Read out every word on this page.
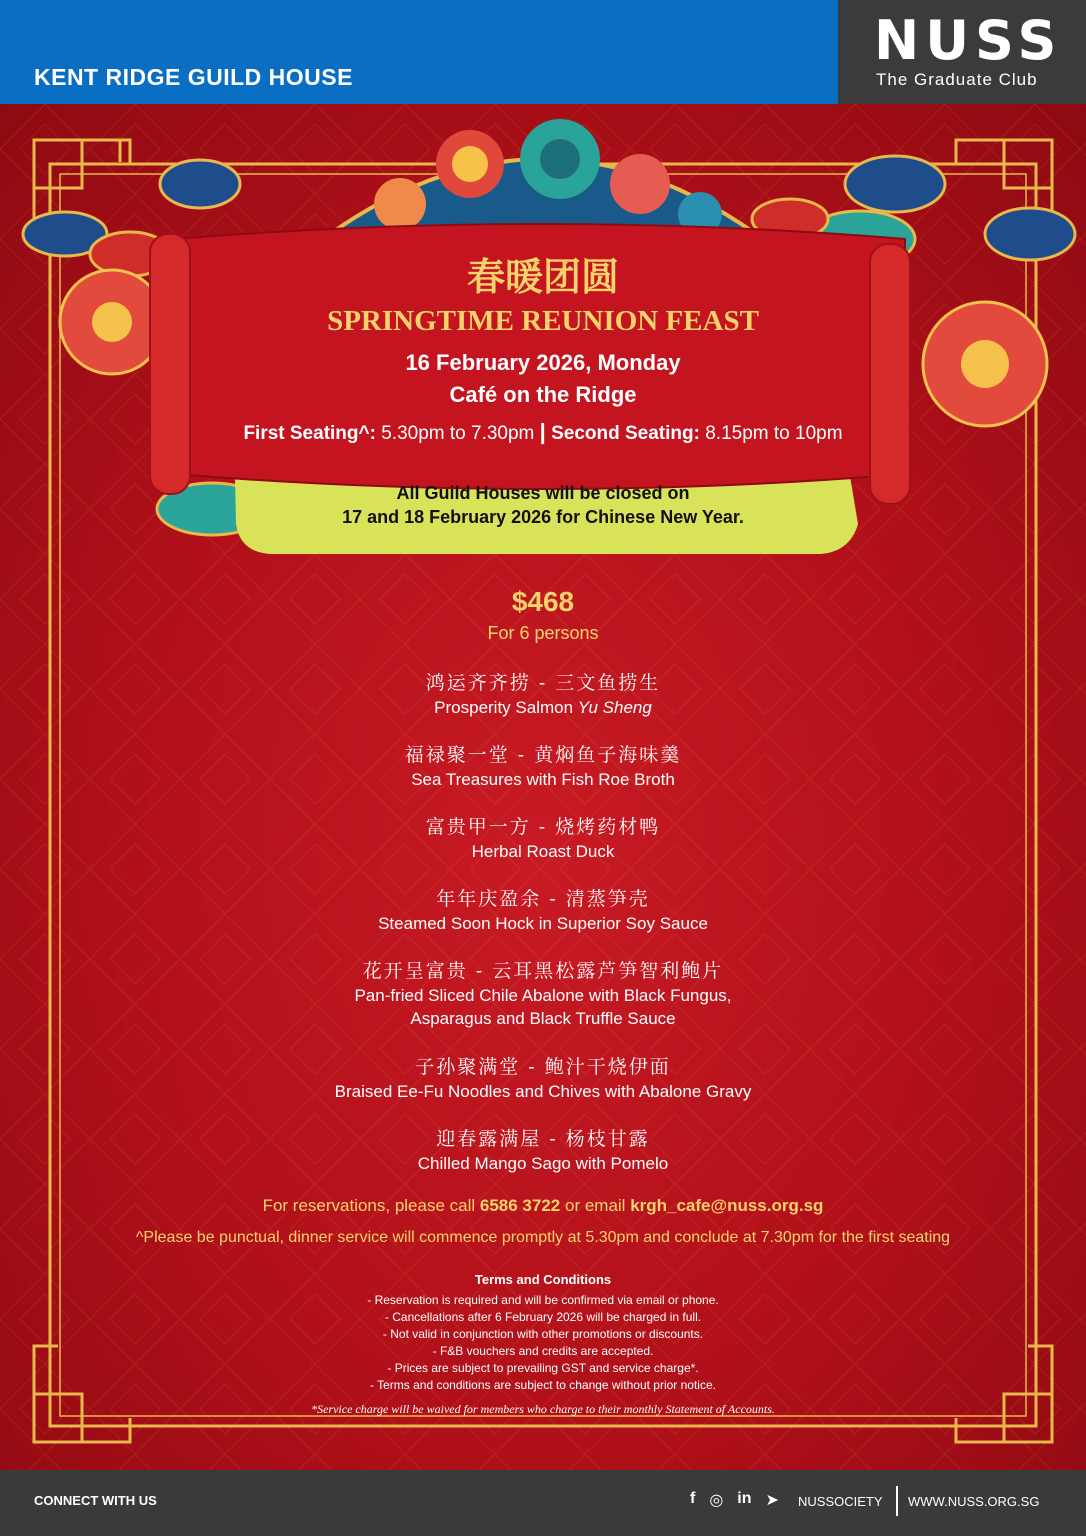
KENT RIDGE GUILD HOUSE
NUSS
The Graduate Club
春暖团圆
SPRINGTIME REUNION FEAST
16 February 2026, Monday
Café on the Ridge
First Seating^: 5.30pm to 7.30pm | Second Seating: 8.15pm to 10pm
All Guild Houses will be closed on
17 and 18 February 2026 for Chinese New Year.
$468
For 6 persons
鸿运齐齐捞 - 三文鱼捞生
Prosperity Salmon Yu Sheng
福禄聚一堂 - 黄焖鱼子海味羹
Sea Treasures with Fish Roe Broth
富贵甲一方 - 烧烤药材鸭
Herbal Roast Duck
年年庆盈余 - 清蒸笋壳
Steamed Soon Hock in Superior Soy Sauce
花开呈富贵 - 云耳黑松露芦笋智利鲍片
Pan-fried Sliced Chile Abalone with Black Fungus,
Asparagus and Black Truffle Sauce
子孙聚满堂 - 鲍汁干烧伊面
Braised Ee-Fu Noodles and Chives with Abalone Gravy
迎春露满屋 - 杨枝甘露
Chilled Mango Sago with Pomelo
For reservations, please call 6586 3722 or email krgh_cafe@nuss.org.sg
^Please be punctual, dinner service will commence promptly at 5.30pm and conclude at 7.30pm for the first seating
Terms and Conditions
- Reservation is required and will be confirmed via email or phone.
- Cancellations after 6 February 2026 will be charged in full.
- Not valid in conjunction with other promotions or discounts.
- F&B vouchers and credits are accepted.
- Prices are subject to prevailing GST and service charge*.
- Terms and conditions are subject to change without prior notice.
*Service charge will be waived for members who charge to their monthly Statement of Accounts.
CONNECT WITH US	f ◎ in ➤ NUSSOCIETY WWW.NUSS.ORG.SG
